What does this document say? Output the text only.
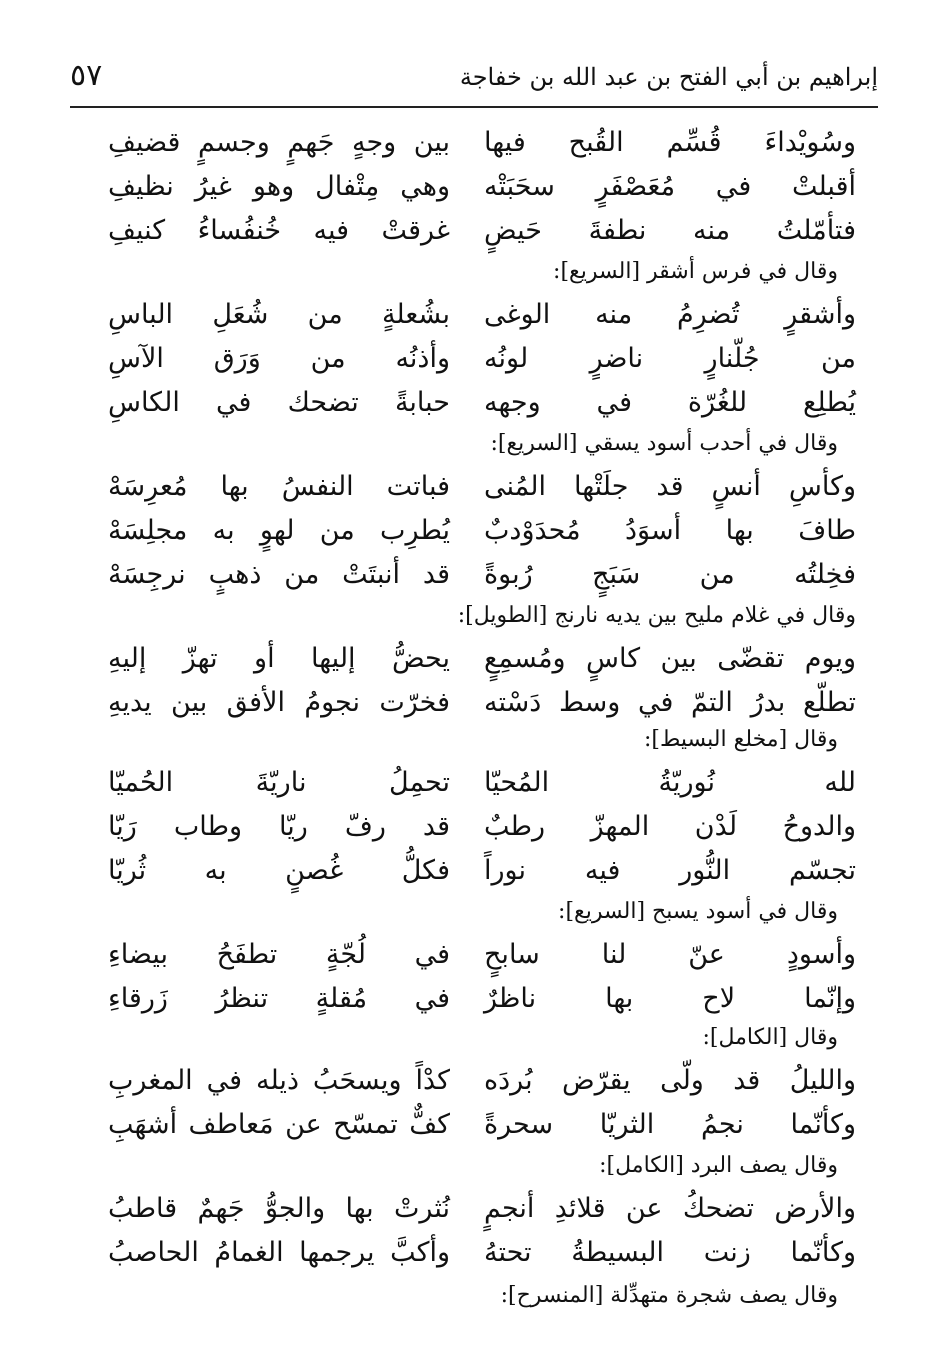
٥٧	إبراهيم بن أبي الفتح بن عبد الله بن خفاجة
وسُويْداءَ قُسِّم القُبح فيها
بين وجهٍ جَهمٍ وجسمٍ قضيفِ
أقبلتْ في مُعَصْفَرٍ سحَبَتْه
وهي مِتْفال وهو غيرُ نظيفِ
فتأمّلتُ منه نطفةَ حَيضٍ
غرقتْ فيه خُنفُساءُ كنيفِ
وقال في فرس أشقر [السريع]:
وأشقرٍ تُضرِمُ منه الوغى
بشُعلةٍ من شُعَلِ الباسِ
من جُلّنارٍ ناضرٍ لونُه
وأذنُه من وَرَق الآسِ
يُطلِع للغُرّة في وجهه
حبابةً تضحك في الكاسِ
وقال في أحدب أسود يسقي [السريع]:
وكأسِ أنسٍ قد جلَتْها المُنى
فباتت النفسُ بها مُعرِسَهْ
طافَ بها أسوَدُ مُحدَوْدبٌ
يُطرِب من لهوٍ به مجلِسَهْ
فخِلتُه من سَبَجٍ رُبوةً
قد أنبتَتْ من ذهبٍ نرجِسَهْ
وقال في غلام مليح بين يديه نارنج [الطويل]:
ويوم تقضّى بين كاسٍ ومُسمِعٍ
يحضُّ إليها أو تهزّ إليهِ
تطلّع بدرُ التمّ في وسط دَسْته
فخرّت نجومُ الأفق بين يديهِ
وقال [مخلع البسيط]:
لله نُوريّةُ المُحيّا
تحمِلُ ناريّةَ الحُميّا
والدوحُ لَدْن المهزّ رطبٌ
قد رفّ ريّا وطاب رَيّا
تجسّم النُّور فيه نوراً
فكلُّ غُصنٍ به ثُريّا
وقال في أسود يسبح [السريع]:
وأسودٍ عنّ لنا سابحٍ
في لُجّةٍ تطفَحُ بيضاءِ
وإنّما لاح بها ناظرٌ
في مُقلةٍ تنظرُ زَرقاءِ
وقال [الكامل]:
والليلُ قد ولّى يقرّض بُردَه
كدْاً ويسحَبُ ذيله في المغربِ
وكأنّما نجمُ الثريّا سحرةً
كفٌّ تمسّح عن مَعاطف أشهَبِ
وقال يصف البرد [الكامل]:
والأرض تضحكُ عن قلائدِ أنجمٍ
نُثرتْ بها والجوُّ جَهمٌ قاطبُ
وكأنّما زنت البسيطةُ تحتهُ
وأكبَّ يرجمها الغمامُ الحاصبُ
وقال يصف شجرة متهدِّلة [المنسرح]:
